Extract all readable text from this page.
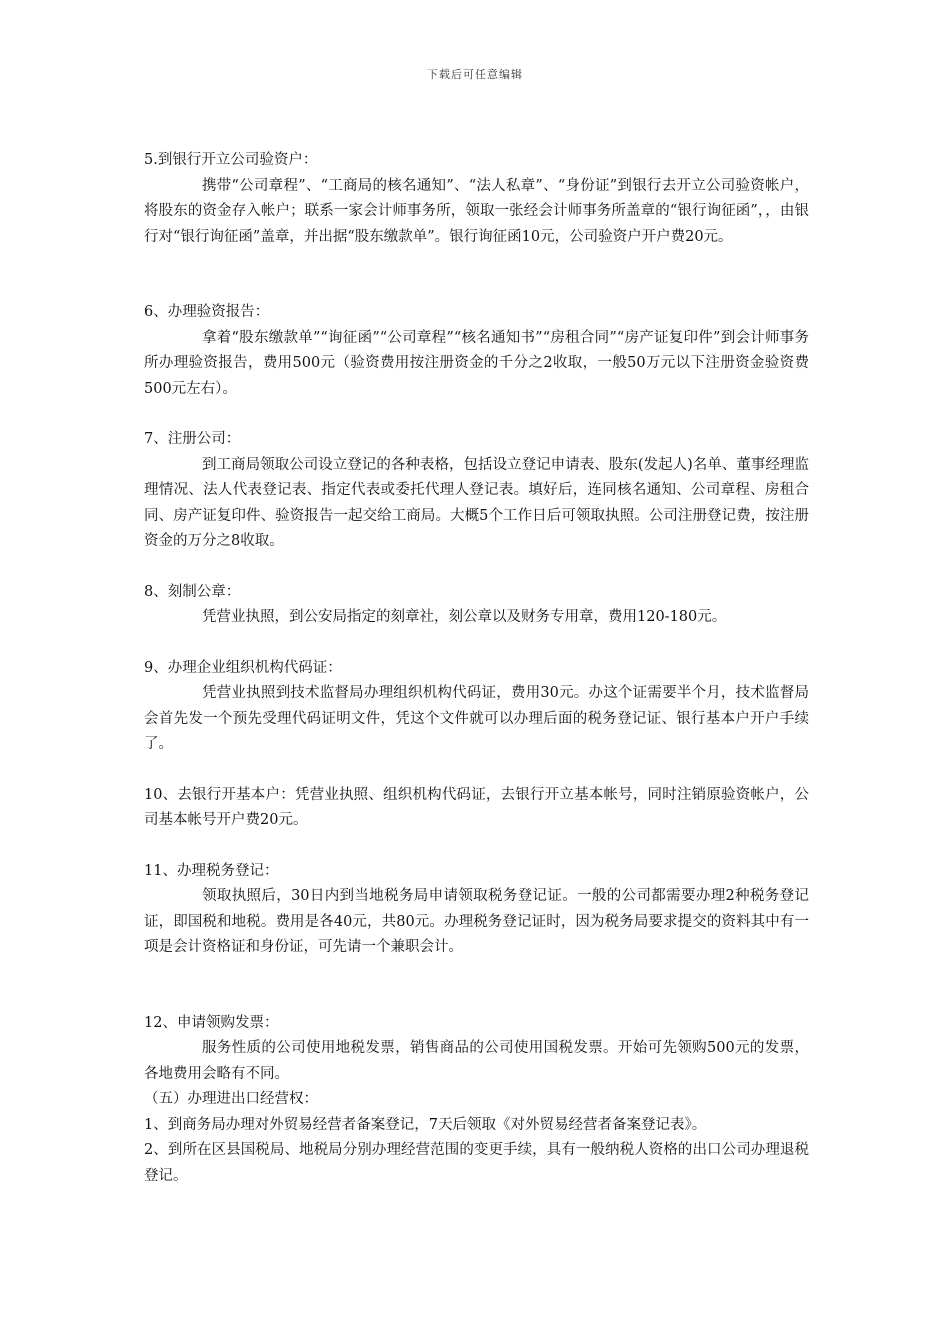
下载后可任意编辑

5.到银行开立公司验资户：

携带“公司章程”、“工商局的核名通知”、“法人私章”、“身份证”到银行去开立公司验资帐户，将股东的资金存入帐户；联系一家会计师事务所，领取一张经会计师事务所盖章的“银行询征函”，，由银行对“银行询征函”盖章，并出据“股东缴款单”。银行询征函10元，公司验资户开户费20元。

6、办理验资报告：

拿着“股东缴款单”“询征函”“公司章程”“核名通知书”“房租合同”“房产证复印件”到会计师事务所办理验资报告，费用500元（验资费用按注册资金的千分之2收取，一般50万元以下注册资金验资费500元左右）。

7、注册公司：

到工商局领取公司设立登记的各种表格，包括设立登记申请表、股东(发起人)名单、董事经理监理情况、法人代表登记表、指定代表或委托代理人登记表。填好后，连同核名通知、公司章程、房租合同、房产证复印件、验资报告一起交给工商局。大概5个工作日后可领取执照。公司注册登记费，按注册资金的万分之8收取。

8、刻制公章：

凭营业执照，到公安局指定的刻章社，刻公章以及财务专用章，费用120-180元。

9、办理企业组织机构代码证：

凭营业执照到技术监督局办理组织机构代码证，费用30元。办这个证需要半个月，技术监督局会首先发一个预先受理代码证明文件，凭这个文件就可以办理后面的税务登记证、银行基本户开户手续了。

10、去银行开基本户：凭营业执照、组织机构代码证，去银行开立基本帐号，同时注销原验资帐户，公司基本帐号开户费20元。

11、办理税务登记：

领取执照后，30日内到当地税务局申请领取税务登记证。一般的公司都需要办理2种税务登记证，即国税和地税。费用是各40元，共80元。办理税务登记证时，因为税务局要求提交的资料其中有一项是会计资格证和身份证，可先请一个兼职会计。

12、申请领购发票：

服务性质的公司使用地税发票，销售商品的公司使用国税发票。开始可先领购500元的发票，各地费用会略有不同。

（五）办理进出口经营权：

1、到商务局办理对外贸易经营者备案登记，7天后领取《对外贸易经营者备案登记表》。

2、到所在区县国税局、地税局分别办理经营范围的变更手续，具有一般纳税人资格的出口公司办理退税登记。
